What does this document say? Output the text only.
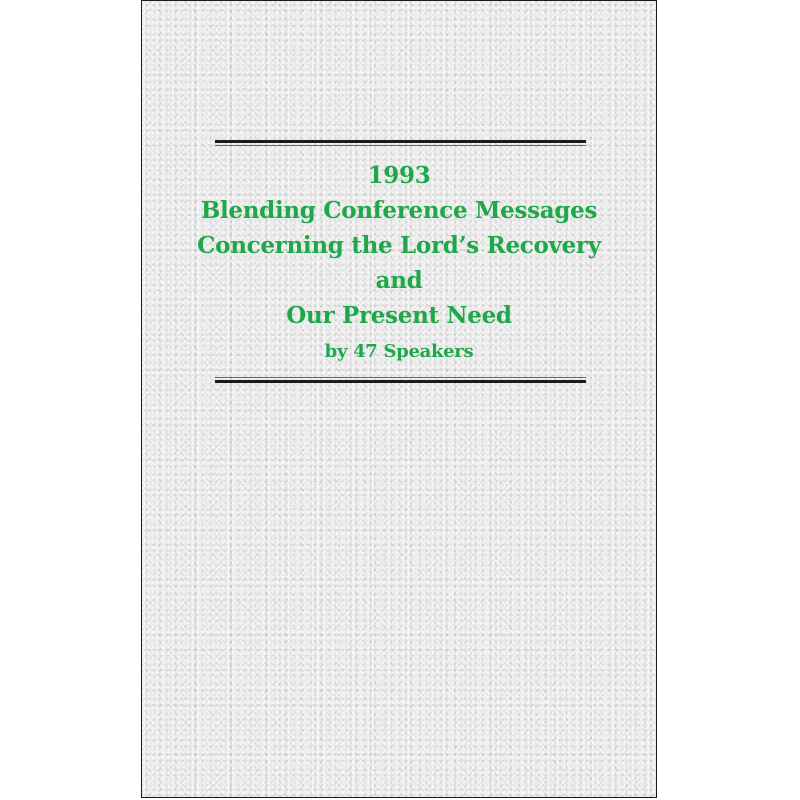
1993
Blending Conference Messages
Concerning the Lord’s Recovery
and
Our Present Need
by 47 Speakers
